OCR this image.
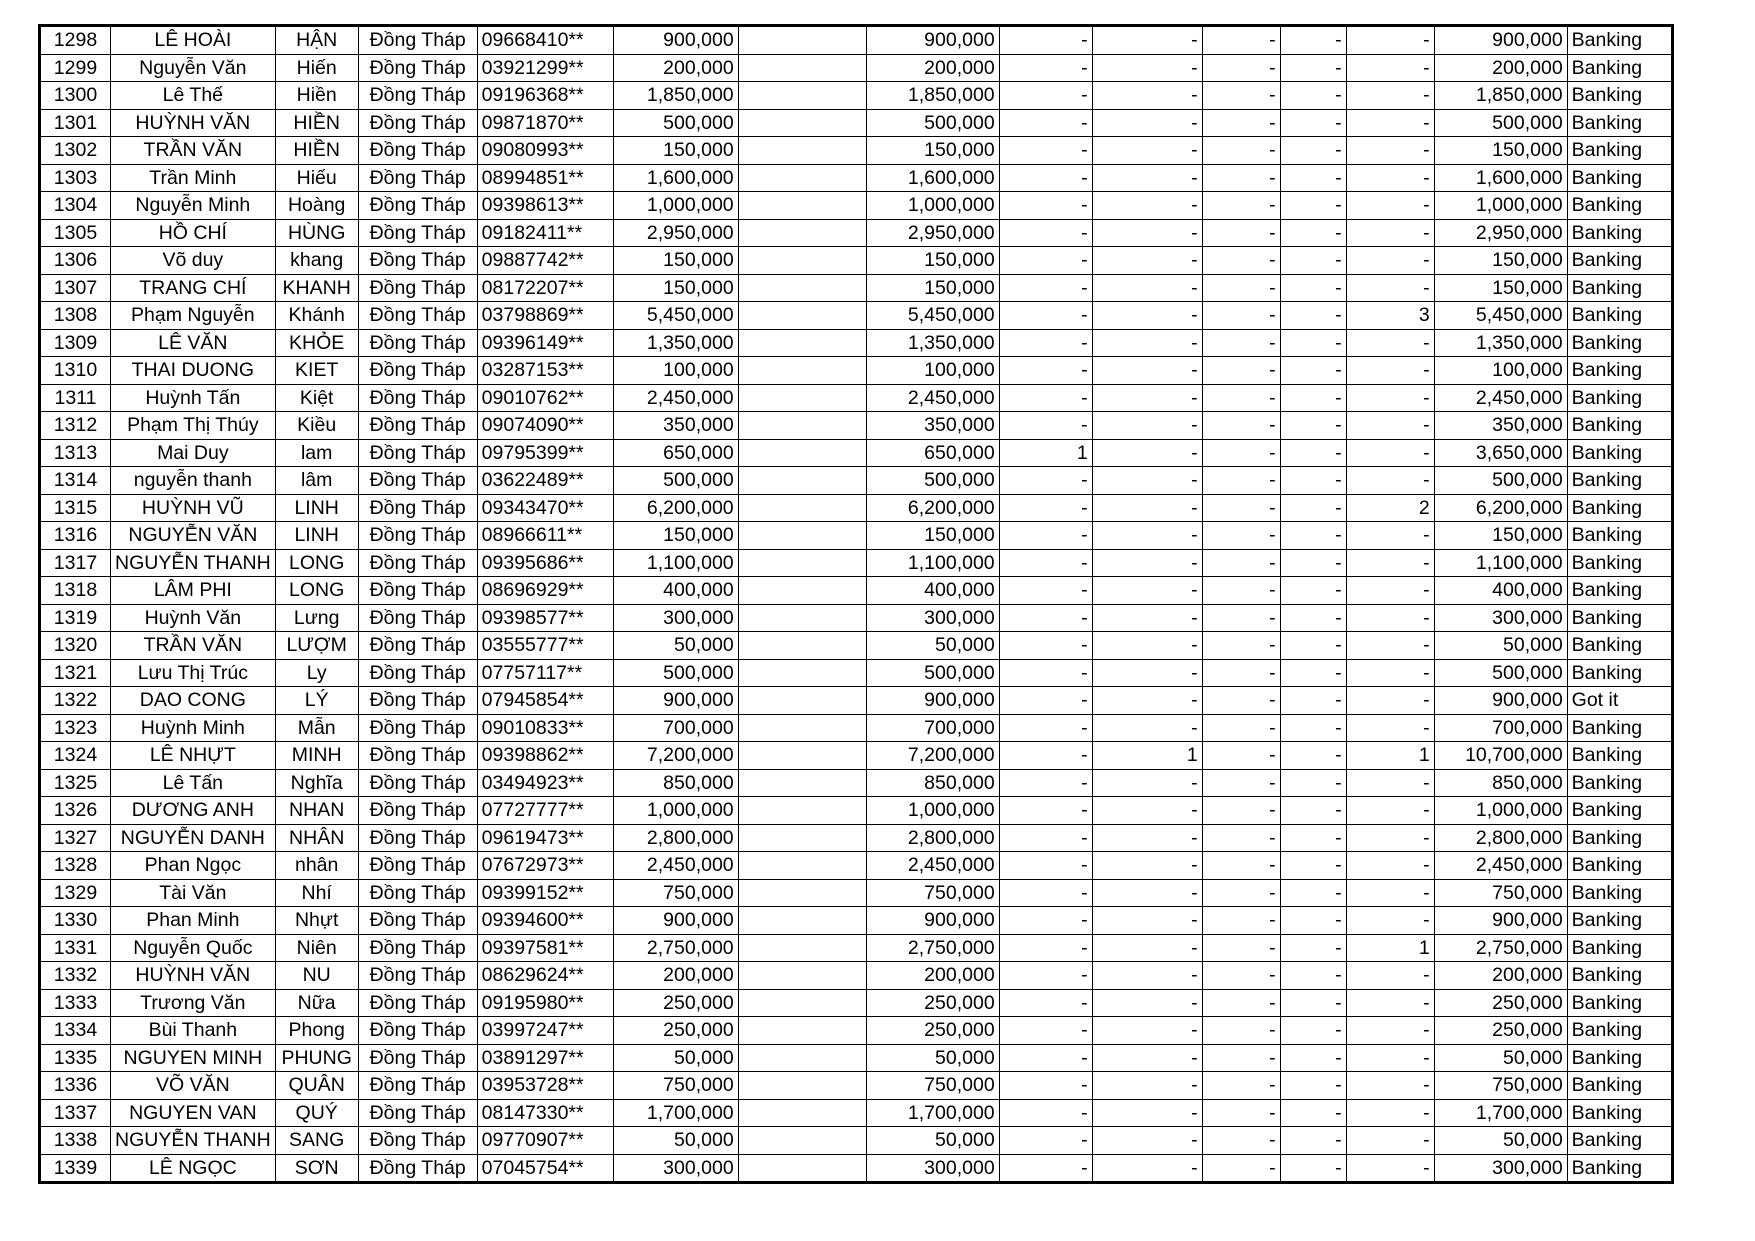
1298	LÊ HOÀI	HẬN	Đồng Tháp	09668410**	900,000		900,000	-	-	-	-	-	900,000	Banking
1299	Nguyễn Văn	Hiến	Đồng Tháp	03921299**	200,000		200,000	-	-	-	-	-	200,000	Banking
1300	Lê Thế	Hiền	Đồng Tháp	09196368**	1,850,000		1,850,000	-	-	-	-	-	1,850,000	Banking
1301	HUỲNH VĂN	HIỀN	Đồng Tháp	09871870**	500,000		500,000	-	-	-	-	-	500,000	Banking
1302	TRẦN VĂN	HIỀN	Đồng Tháp	09080993**	150,000		150,000	-	-	-	-	-	150,000	Banking
1303	Trần Minh	Hiếu	Đồng Tháp	08994851**	1,600,000		1,600,000	-	-	-	-	-	1,600,000	Banking
1304	Nguyễn Minh	Hoàng	Đồng Tháp	09398613**	1,000,000		1,000,000	-	-	-	-	-	1,000,000	Banking
1305	HỒ CHÍ	HÙNG	Đồng Tháp	09182411**	2,950,000		2,950,000	-	-	-	-	-	2,950,000	Banking
1306	Võ duy	khang	Đồng Tháp	09887742**	150,000		150,000	-	-	-	-	-	150,000	Banking
1307	TRANG CHÍ	KHANH	Đồng Tháp	08172207**	150,000		150,000	-	-	-	-	-	150,000	Banking
1308	Phạm Nguyễn	Khánh	Đồng Tháp	03798869**	5,450,000		5,450,000	-	-	-	-	3	5,450,000	Banking
1309	LÊ VĂN	KHỎE	Đồng Tháp	09396149**	1,350,000		1,350,000	-	-	-	-	-	1,350,000	Banking
1310	THAI DUONG	KIET	Đồng Tháp	03287153**	100,000		100,000	-	-	-	-	-	100,000	Banking
1311	Huỳnh Tấn	Kiệt	Đồng Tháp	09010762**	2,450,000		2,450,000	-	-	-	-	-	2,450,000	Banking
1312	Phạm Thị Thúy	Kiều	Đồng Tháp	09074090**	350,000		350,000	-	-	-	-	-	350,000	Banking
1313	Mai Duy	lam	Đồng Tháp	09795399**	650,000		650,000	1	-	-	-	-	3,650,000	Banking
1314	nguyễn thanh	lâm	Đồng Tháp	03622489**	500,000		500,000	-	-	-	-	-	500,000	Banking
1315	HUỲNH VŨ	LINH	Đồng Tháp	09343470**	6,200,000		6,200,000	-	-	-	-	2	6,200,000	Banking
1316	NGUYỄN VĂN	LINH	Đồng Tháp	08966611**	150,000		150,000	-	-	-	-	-	150,000	Banking
1317	NGUYỄN THANH	LONG	Đồng Tháp	09395686**	1,100,000		1,100,000	-	-	-	-	-	1,100,000	Banking
1318	LÂM PHI	LONG	Đồng Tháp	08696929**	400,000		400,000	-	-	-	-	-	400,000	Banking
1319	Huỳnh Văn	Lưng	Đồng Tháp	09398577**	300,000		300,000	-	-	-	-	-	300,000	Banking
1320	TRẦN VĂN	LƯỢM	Đồng Tháp	03555777**	50,000		50,000	-	-	-	-	-	50,000	Banking
1321	Lưu Thị Trúc	Ly	Đồng Tháp	07757117**	500,000		500,000	-	-	-	-	-	500,000	Banking
1322	DAO CONG	LÝ	Đồng Tháp	07945854**	900,000		900,000	-	-	-	-	-	900,000	Got it
1323	Huỳnh Minh	Mẫn	Đồng Tháp	09010833**	700,000		700,000	-	-	-	-	-	700,000	Banking
1324	LÊ NHỰT	MINH	Đồng Tháp	09398862**	7,200,000		7,200,000	-	1	-	-	1	10,700,000	Banking
1325	Lê Tấn	Nghĩa	Đồng Tháp	03494923**	850,000		850,000	-	-	-	-	-	850,000	Banking
1326	DƯƠNG ANH	NHAN	Đồng Tháp	07727777**	1,000,000		1,000,000	-	-	-	-	-	1,000,000	Banking
1327	NGUYỄN DANH	NHÂN	Đồng Tháp	09619473**	2,800,000		2,800,000	-	-	-	-	-	2,800,000	Banking
1328	Phan Ngọc	nhân	Đồng Tháp	07672973**	2,450,000		2,450,000	-	-	-	-	-	2,450,000	Banking
1329	Tài Văn	Nhí	Đồng Tháp	09399152**	750,000		750,000	-	-	-	-	-	750,000	Banking
1330	Phan Minh	Nhựt	Đồng Tháp	09394600**	900,000		900,000	-	-	-	-	-	900,000	Banking
1331	Nguyễn Quốc	Niên	Đồng Tháp	09397581**	2,750,000		2,750,000	-	-	-	-	1	2,750,000	Banking
1332	HUỲNH VĂN	NU	Đồng Tháp	08629624**	200,000		200,000	-	-	-	-	-	200,000	Banking
1333	Trương Văn	Nữa	Đồng Tháp	09195980**	250,000		250,000	-	-	-	-	-	250,000	Banking
1334	Bùi Thanh	Phong	Đồng Tháp	03997247**	250,000		250,000	-	-	-	-	-	250,000	Banking
1335	NGUYEN MINH	PHUNG	Đồng Tháp	03891297**	50,000		50,000	-	-	-	-	-	50,000	Banking
1336	VÕ VĂN	QUÂN	Đồng Tháp	03953728**	750,000		750,000	-	-	-	-	-	750,000	Banking
1337	NGUYEN VAN	QUÝ	Đồng Tháp	08147330**	1,700,000		1,700,000	-	-	-	-	-	1,700,000	Banking
1338	NGUYỄN THANH	SANG	Đồng Tháp	09770907**	50,000		50,000	-	-	-	-	-	50,000	Banking
1339	LÊ NGỌC	SƠN	Đồng Tháp	07045754**	300,000		300,000	-	-	-	-	-	300,000	Banking
